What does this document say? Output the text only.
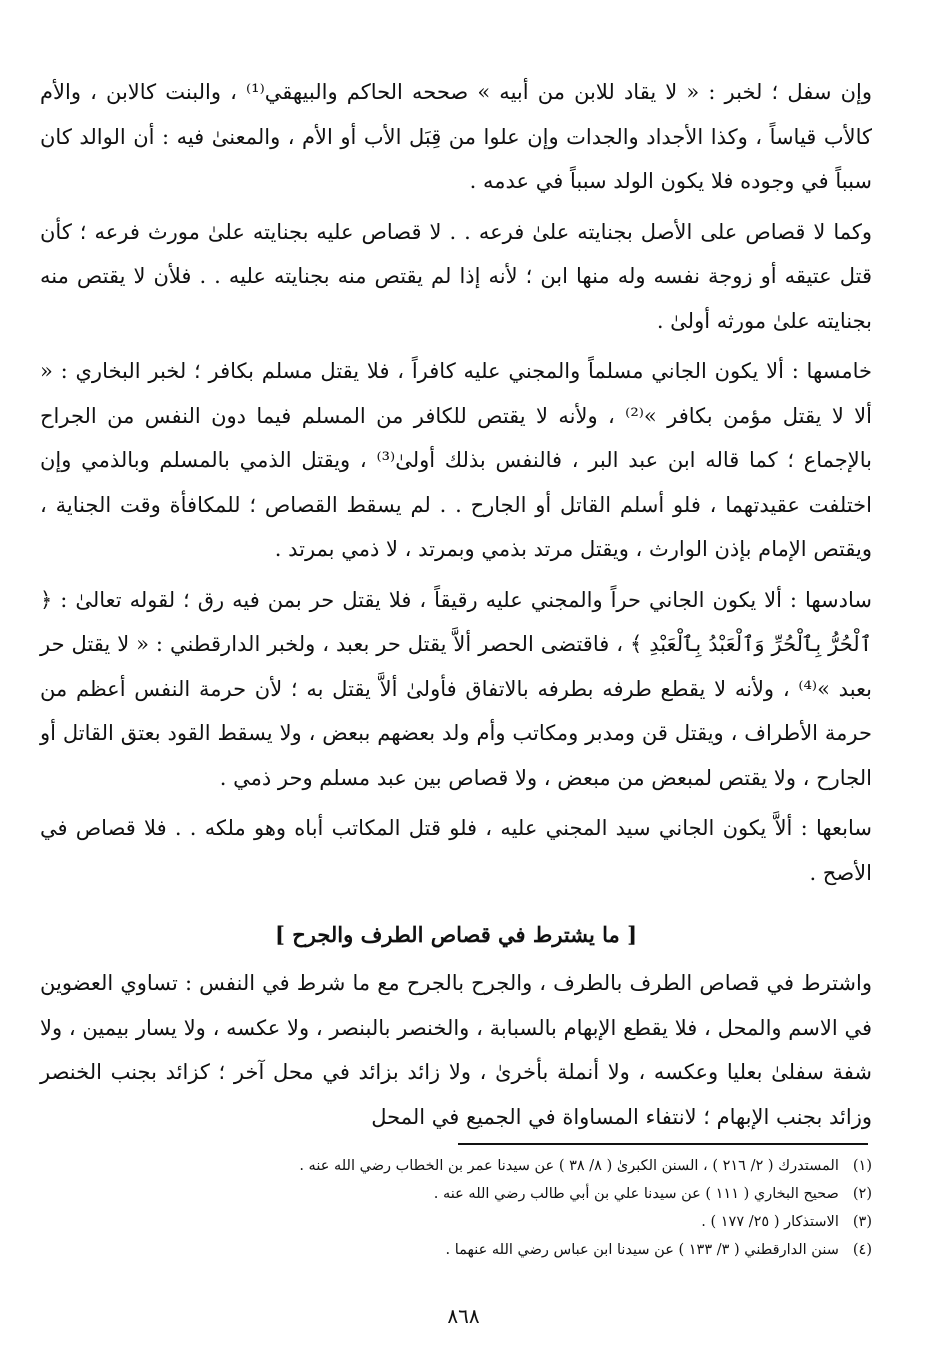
وإن سفل ؛ لخبر : « لا يقاد للابن من أبيه » صححه الحاكم والبيهقي⁽¹⁾ ، والبنت كالابن ، والأم كالأب قياساً ، وكذا الأجداد والجدات وإن علوا من قِبَل الأب أو الأم ، والمعنىٰ فيه : أن الوالد كان سبباً في وجوده فلا يكون الولد سبباً في عدمه .

وكما لا قصاص على الأصل بجنايته علىٰ فرعه . . لا قصاص عليه بجنايته علىٰ مورث فرعه ؛ كأن قتل عتيقه أو زوجة نفسه وله منها ابن ؛ لأنه إذا لم يقتص منه بجنايته عليه . . فلأن لا يقتص منه بجنايته علىٰ مورثه أولىٰ .

خامسها : ألا يكون الجاني مسلماً والمجني عليه كافراً ، فلا يقتل مسلم بكافر ؛ لخبر البخاري : « ألا لا يقتل مؤمن بكافر »⁽²⁾ ، ولأنه لا يقتص للكافر من المسلم فيما دون النفس من الجراح بالإجماع ؛ كما قاله ابن عبد البر ، فالنفس بذلك أولىٰ⁽³⁾ ، ويقتل الذمي بالمسلم وبالذمي وإن اختلفت عقيدتهما ، فلو أسلم القاتل أو الجارح . . لم يسقط القصاص ؛ للمكافأة وقت الجناية ، ويقتص الإمام بإذن الوارث ، ويقتل مرتد بذمي وبمرتد ، لا ذمي بمرتد .

سادسها : ألا يكون الجاني حراً والمجني عليه رقيقاً ، فلا يقتل حر بمن فيه رق ؛ لقوله تعالىٰ : ﴿ ٱلْحُرُّ بِٱلْحُرِّ وَٱلْعَبْدُ بِٱلْعَبْدِ ﴾ ، فاقتضى الحصر ألاَّ يقتل حر بعبد ، ولخبر الدارقطني : « لا يقتل حر بعبد »⁽⁴⁾ ، ولأنه لا يقطع طرفه بطرفه بالاتفاق فأولىٰ ألاَّ يقتل به ؛ لأن حرمة النفس أعظم من حرمة الأطراف ، ويقتل قن ومدبر ومكاتب وأم ولد بعضهم ببعض ، ولا يسقط القود بعتق القاتل أو الجارح ، ولا يقتص لمبعض من مبعض ، ولا قصاص بين عبد مسلم وحر ذمي .

سابعها : ألاَّ يكون الجاني سيد المجني عليه ، فلو قتل المكاتب أباه وهو ملكه . . فلا قصاص في الأصح .

[ ما يشترط في قصاص الطرف والجرح ]

واشترط في قصاص الطرف بالطرف ، والجرح بالجرح مع ما شرط في النفس : تساوي العضوين في الاسم والمحل ، فلا يقطع الإبهام بالسبابة ، والخنصر بالبنصر ، ولا عكسه ، ولا يسار بيمين ، ولا شفة سفلىٰ بعليا وعكسه ، ولا أنملة بأخرىٰ ، ولا زائد بزائد في محل آخر ؛ كزائد بجنب الخنصر وزائد بجنب الإبهام ؛ لانتفاء المساواة في الجميع في المحل

(١)
المستدرك ( ٢/ ٢١٦ ) ، السنن الكبرىٰ ( ٨/ ٣٨ ) عن سيدنا عمر بن الخطاب رضي الله عنه .
(٢)
صحيح البخاري ( ١١١ ) عن سيدنا علي بن أبي طالب رضي الله عنه .
(٣)
الاستذكار ( ٢٥/ ١٧٧ ) .
(٤)
سنن الدارقطني ( ٣/ ١٣٣ ) عن سيدنا ابن عباس رضي الله عنهما .
٨٦٨
